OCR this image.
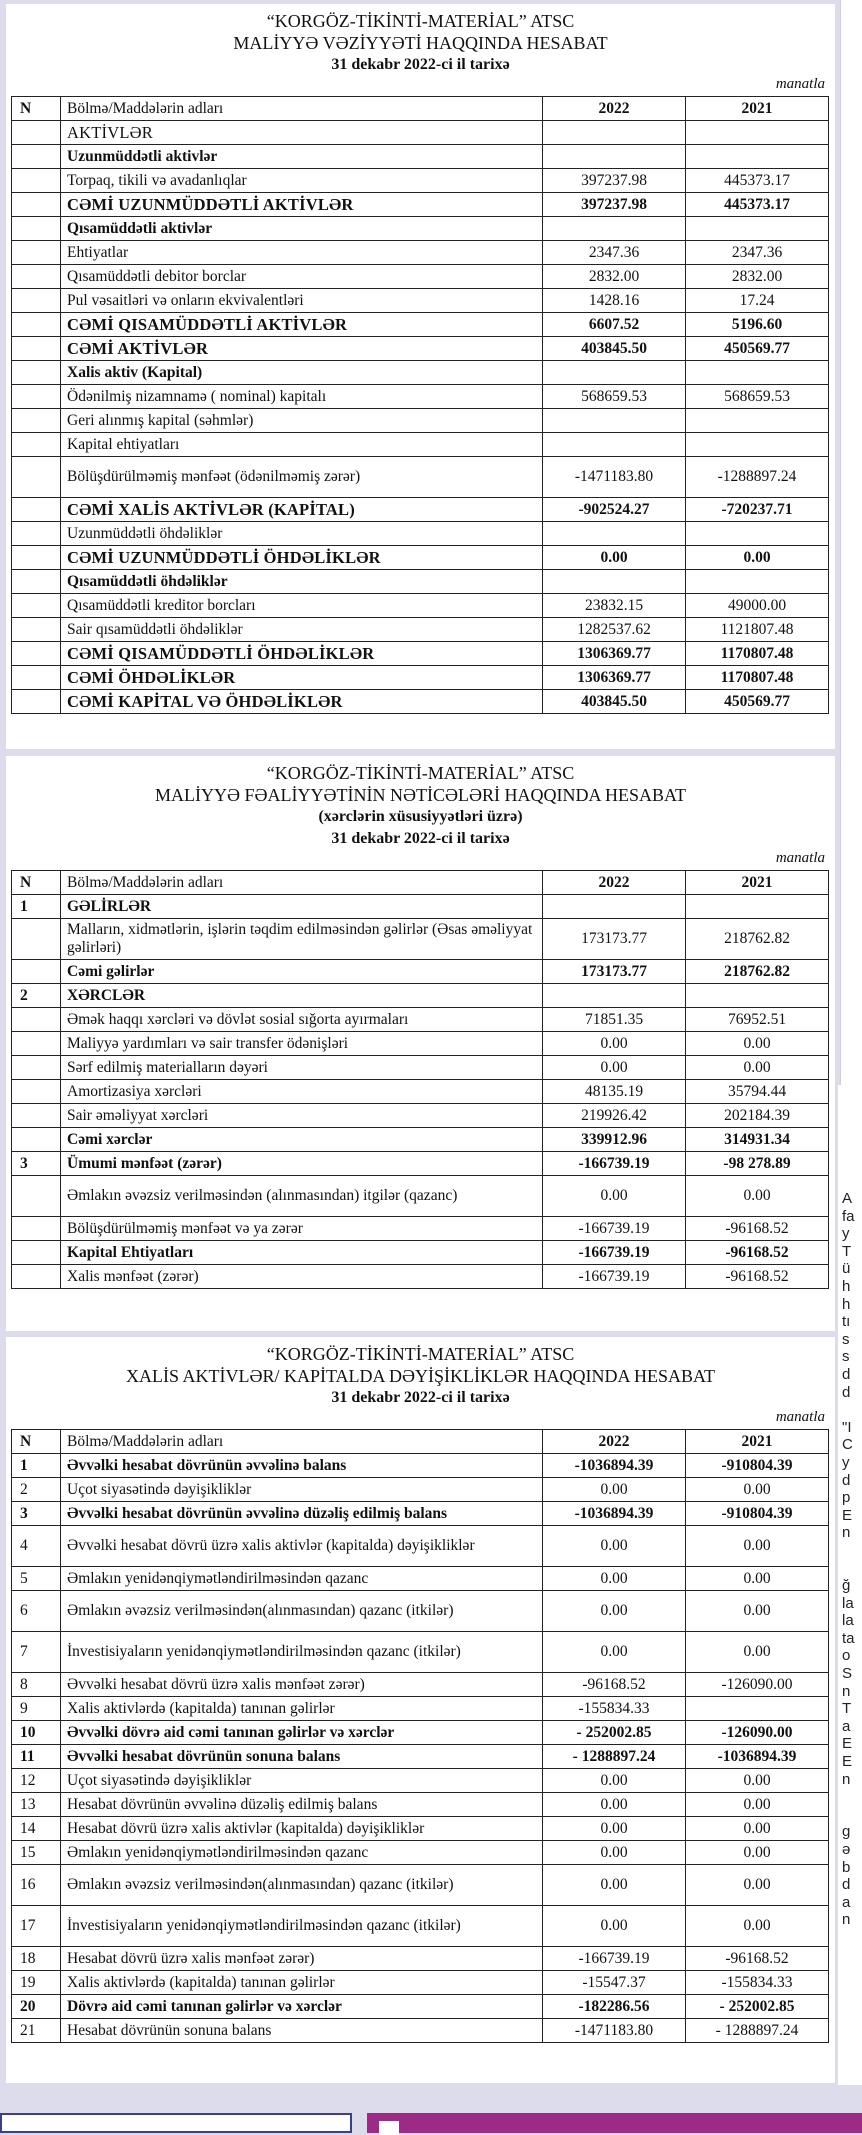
“KORGÖZ-TİKİNTİ-MATERİAL” ATSC
MALİYYƏ VƏZİYYƏTİ HAQQINDA HESABAT
31 dekabr 2022-ci il tarixə
manatla
N	Bölmə/Maddələrin adları	2022	2021
	AKTİVLƏR		
	Uzunmüddətli aktivlər		
	Torpaq, tikili və avadanlıqlar	397237.98	445373.17
	CƏMİ UZUNMÜDDƏTLİ AKTİVLƏR	397237.98	445373.17
	Qısamüddətli aktivlər		
	Ehtiyatlar	2347.36	2347.36
	Qısamüddətli debitor borclar	2832.00	2832.00
	Pul vəsaitləri və onların ekvivalentləri	1428.16	17.24
	CƏMİ QISAMÜDDƏTLİ AKTİVLƏR	6607.52	5196.60
	CƏMİ AKTİVLƏR	403845.50	450569.77
	Xalis aktiv (Kapital)		
	Ödənilmiş nizamnamə ( nominal) kapitalı	568659.53	568659.53
	Geri alınmış kapital (səhmlər)		
	Kapital ehtiyatları		
	Bölüşdürülməmiş mənfəət (ödənilməmiş zərər)	-1471183.80	-1288897.24
	CƏMİ XALİS AKTİVLƏR (KAPİTAL)	-902524.27	-720237.71
	Uzunmüddətli öhdəliklər		
	CƏMİ UZUNMÜDDƏTLİ ÖHDƏLİKLƏR	0.00	0.00
	Qısamüddətli öhdəliklər		
	Qısamüddətli kreditor borcları	23832.15	49000.00
	Sair qısamüddətli öhdəliklər	1282537.62	1121807.48
	CƏMİ QISAMÜDDƏTLİ ÖHDƏLİKLƏR	1306369.77	1170807.48
	CƏMİ ÖHDƏLİKLƏR	1306369.77	1170807.48
	CƏMİ KAPİTAL VƏ ÖHDƏLİKLƏR	403845.50	450569.77
“KORGÖZ-TİKİNTİ-MATERİAL” ATSC
MALİYYƏ FƏALİYYƏTİNİN NƏTİCƏLƏRİ HAQQINDA HESABAT
(xərclərin xüsusiyyətləri üzrə)
31 dekabr 2022-ci il tarixə
manatla
N	Bölmə/Maddələrin adları	2022	2021
1	GƏLİRLƏR		
	Malların, xidmətlərin, işlərin təqdim edilməsindən gəlirlər (Əsas əməliyyat gəlirləri)	173173.77	218762.82
	Cəmi gəlirlər	173173.77	218762.82
2	XƏRCLƏR		
	Əmək haqqı xərcləri və dövlət sosial sığorta ayırmaları	71851.35	76952.51
	Maliyyə yardımları və sair transfer ödənişləri	0.00	0.00
	Sərf edilmiş materialların dəyəri	0.00	0.00
	Amortizasiya xərcləri	48135.19	35794.44
	Sair əməliyyat xərcləri	219926.42	202184.39
	Cəmi xərclər	339912.96	314931.34
3	Ümumi mənfəət (zərər)	-166739.19	-98 278.89
	Əmlakın əvəzsiz verilməsindən (alınmasından) itgilər (qazanc)	0.00	0.00
	Bölüşdürülməmiş mənfəət və ya zərər	-166739.19	-96168.52
	Kapital Ehtiyatları	-166739.19	-96168.52
	Xalis mənfəət (zərər)	-166739.19	-96168.52
“KORGÖZ-TİKİNTİ-MATERİAL” ATSC
XALİS AKTİVLƏR/ KAPİTALDA DƏYİŞİKLİKLƏR HAQQINDA HESABAT
31 dekabr 2022-ci il tarixə
manatla
N	Bölmə/Maddələrin adları	2022	2021
1	Əvvəlki hesabat dövrünün əvvəlinə balans	-1036894.39	-910804.39
2	Uçot siyasətində dəyişikliklər	0.00	0.00
3	Əvvəlki hesabat dövrünün əvvəlinə düzəliş edilmiş balans	-1036894.39	-910804.39
4	Əvvəlki hesabat dövrü üzrə xalis aktivlər (kapitalda) dəyişikliklər	0.00	0.00
5	Əmlakın yenidənqiymətləndirilməsindən qazanc	0.00	0.00
6	Əmlakın əvəzsiz verilməsindən(alınmasından) qazanc (itkilər)	0.00	0.00
7	İnvestisiyaların yenidənqiymətləndirilməsindən qazanc (itkilər)	0.00	0.00
8	Əvvəlki hesabat dövrü üzrə xalis mənfəət zərər)	-96168.52	-126090.00
9	Xalis aktivlərdə (kapitalda) tanınan gəlirlər	-155834.33	
10	Əvvəlki dövrə aid cəmi tanınan gəlirlər və xərclər	- 252002.85	-126090.00
11	Əvvəlki hesabat dövrünün sonuna balans	- 1288897.24	-1036894.39
12	Uçot siyasətində dəyişikliklər	0.00	0.00
13	Hesabat dövrünün əvvəlinə düzəliş edilmiş balans	0.00	0.00
14	Hesabat dövrü üzrə xalis aktivlər (kapitalda) dəyişikliklər	0.00	0.00
15	Əmlakın yenidənqiymətləndirilməsindən qazanc	0.00	0.00
16	Əmlakın əvəzsiz verilməsindən(alınmasından) qazanc (itkilər)	0.00	0.00
17	İnvestisiyaların yenidənqiymətləndirilməsindən qazanc (itkilər)	0.00	0.00
18	Hesabat dövrü üzrə xalis mənfəət zərər)	-166739.19	-96168.52
19	Xalis aktivlərdə (kapitalda) tanınan gəlirlər	-15547.37	-155834.33
20	Dövrə aid cəmi tanınan gəlirlər və xərclər	-182286.56	- 252002.85
21	Hesabat dövrünün sonuna balans	-1471183.80	- 1288897.24
A
fa
y
T
ü
h
h
tı
s
s
d
d
"I
C
y
d
p
E
n
ğ
la
la
ta
o
S
n
T
a
E
E
n
g
ə
b
d
a
n
